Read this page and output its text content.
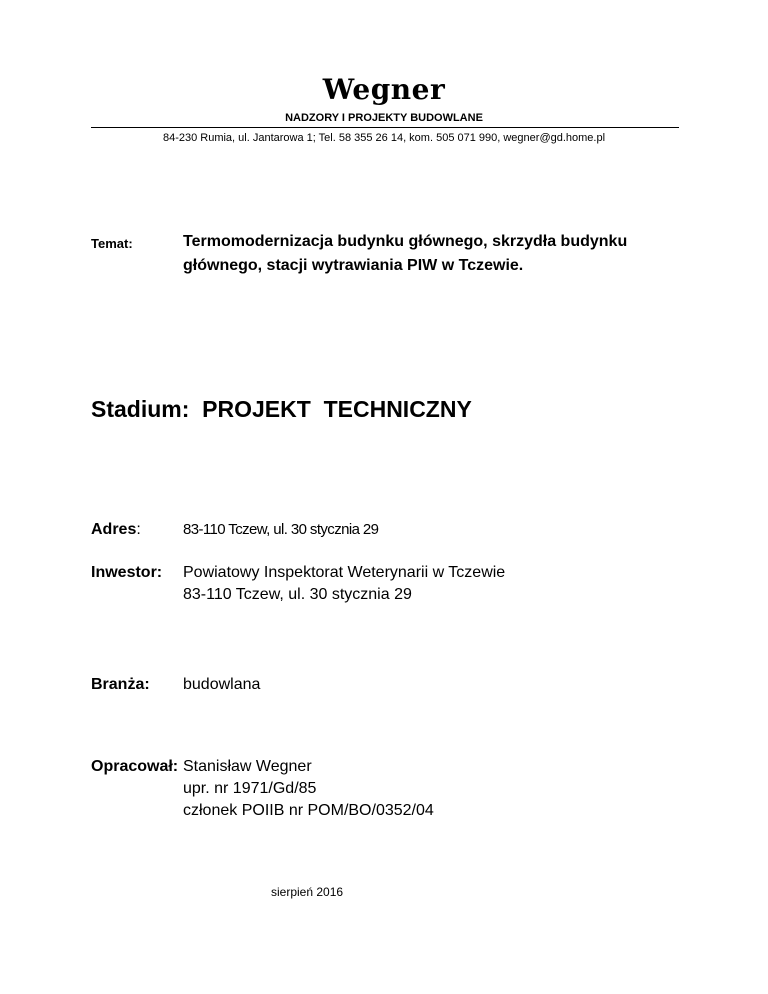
Wegner
NADZORY I PROJEKTY BUDOWLANE
84-230 Rumia, ul. Jantarowa 1; Tel. 58 355 26 14, kom. 505 071 990, wegner@gd.home.pl
Temat:	Termomodernizacja budynku głównego, skrzydła budynku
głównego, stacji wytrawiania PIW w Tczewie.
Stadium:  PROJEKT  TECHNICZNY
Adres:	83-110 Tczew, ul. 30 stycznia 29
Inwestor: Powiatowy Inspektorat Weterynarii w Tczewie
83-110 Tczew, ul. 30 stycznia 29
Branża: budowlana
Opracował: Stanisław Wegner
upr. nr 1971/Gd/85
członek POIIB nr POM/BO/0352/04
sierpień 2016
